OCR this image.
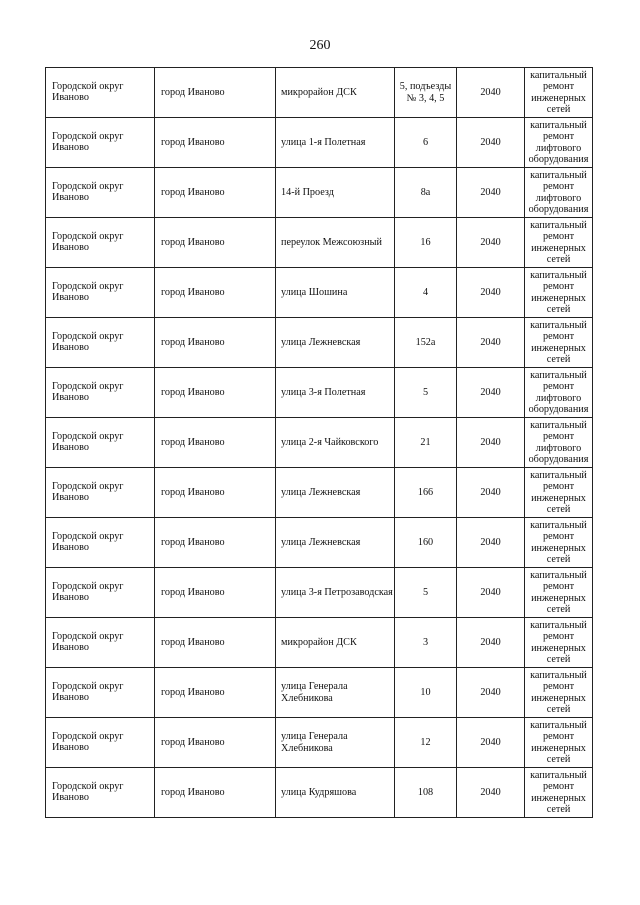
260
Городской округ Иваново	город Иваново	микрорайон ДСК	5, подъезды № 3, 4, 5	2040	капитальный ремонт инженерных сетей

Городской округ Иваново	город Иваново	улица 1-я Полетная	6	2040	капитальный ремонт лифтового оборудования

Городской округ Иваново	город Иваново	14-й Проезд	8а	2040	капитальный ремонт лифтового оборудования

Городской округ Иваново	город Иваново	переулок Межсоюзный	16	2040	капитальный ремонт инженерных сетей

Городской округ Иваново	город Иваново	улица Шошина	4	2040	капитальный ремонт инженерных сетей

Городской округ Иваново	город Иваново	улица Лежневская	152а	2040	капитальный ремонт инженерных сетей

Городской округ Иваново	город Иваново	улица 3-я Полетная	5	2040	капитальный ремонт лифтового оборудования

Городской округ Иваново	город Иваново	улица 2-я Чайковского	21	2040	капитальный ремонт лифтового оборудования

Городской округ Иваново	город Иваново	улица Лежневская	166	2040	капитальный ремонт инженерных сетей

Городской округ Иваново	город Иваново	улица Лежневская	160	2040	капитальный ремонт инженерных сетей

Городской округ Иваново	город Иваново	улица 3-я Петрозаводская	5	2040	капитальный ремонт инженерных сетей

Городской округ Иваново	город Иваново	микрорайон ДСК	3	2040	капитальный ремонт инженерных сетей

Городской округ Иваново	город Иваново	улица Генерала Хлебникова	10	2040	капитальный ремонт инженерных сетей

Городской округ Иваново	город Иваново	улица Генерала Хлебникова	12	2040	капитальный ремонт инженерных сетей

Городской округ Иваново	город Иваново	улица Кудряшова	108	2040	капитальный ремонт инженерных сетей
